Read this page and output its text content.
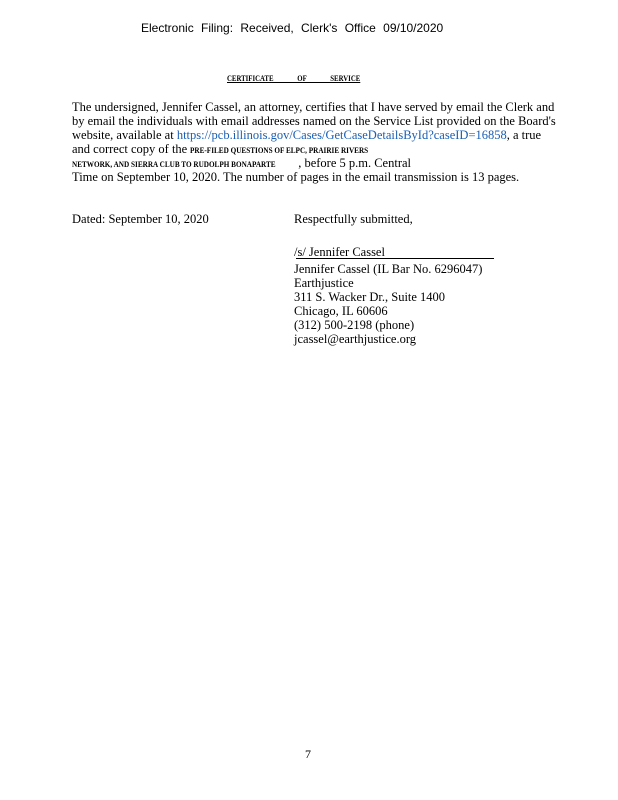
Electronic Filing: Received, Clerk's Office 09/10/2020
CERTIFICATE OF SERVICE
The undersigned, Jennifer Cassel, an attorney, certifies that I have served by email the Clerk and
by email the individuals with email addresses named on the Service List provided on the Board's
website, available at https://pcb.illinois.gov/Cases/GetCaseDetailsById?caseID=16858, a true
and correct copy of the PRE-FILED QUESTIONS OF ELPC, PRAIRIE RIVERS
NETWORK, AND SIERRA CLUB TO RUDOLPH BONAPARTE , before 5 p.m. Central
Time on September 10, 2020. The number of pages in the email transmission is 13 pages.
Dated: September 10, 2020	Respectfully submitted,
/s/ Jennifer Cassel
Jennifer Cassel (IL Bar No. 6296047)
Earthjustice
311 S. Wacker Dr., Suite 1400
Chicago, IL 60606
(312) 500-2198 (phone)
jcassel@earthjustice.org
7
